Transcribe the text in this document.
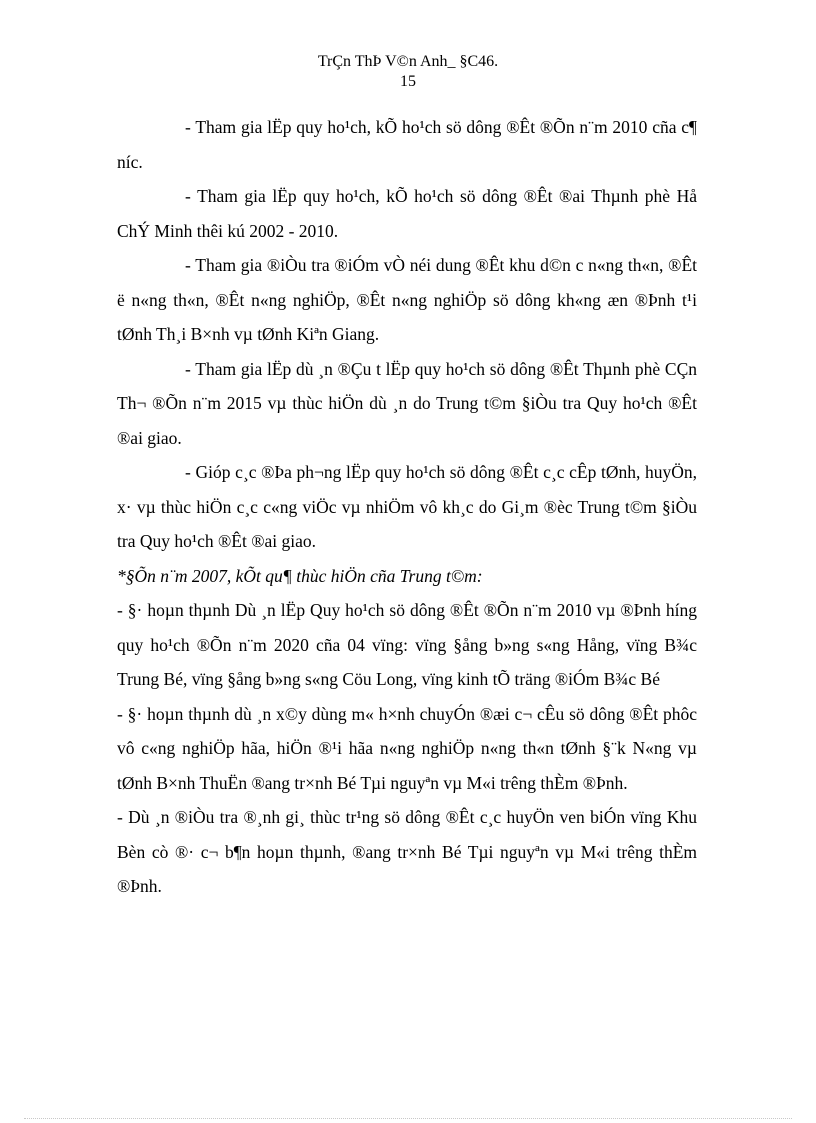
TrÇn ThÞ V©n Anh_ §C46.
15

- Tham gia lËp quy ho¹ch, kÕ ho¹ch sö dông ®Êt ®Õn n¨m 2010 cña c¶ níc.

- Tham gia lËp quy ho¹ch, kÕ ho¹ch sö dông ®Êt ®ai Thµnh phè Hå ChÝ Minh thêi kú 2002 - 2010.

- Tham gia ®iÒu tra ®iÓm vÒ néi dung ®Êt khu d©n c n«ng th«n, ®Êt ë n«ng th«n, ®Êt n«ng nghiÖp, ®Êt n«ng nghiÖp sö dông kh«ng æn ®Þnh t¹i tØnh Th¸i B×nh vµ tØnh Kiªn Giang.

- Tham gia lËp dù ¸n ®Çu t lËp quy ho¹ch sö dông ®Êt Thµnh phè CÇn Th¬ ®Õn n¨m 2015 vµ thùc hiÖn dù ¸n do Trung t©m §iÒu tra Quy ho¹ch ®Êt ®ai giao.

- Gióp c¸c ®Þa ph¬ng lËp quy ho¹ch sö dông ®Êt c¸c cÊp tØnh, huyÖn, x· vµ thùc hiÖn c¸c c«ng viÖc vµ nhiÖm vô kh¸c do Gi¸m ®èc Trung t©m §iÒu tra Quy ho¹ch ®Êt ®ai giao.

*§Õn n¨m 2007, kÕt qu¶ thùc hiÖn cña Trung t©m:

- §· hoµn thµnh Dù ¸n lËp Quy ho¹ch sö dông ®Êt ®Õn n¨m 2010 vµ ®Þnh híng quy ho¹ch ®Õn n¨m 2020 cña 04 vïng: vïng §ång b»ng s«ng Hång, vïng B¾c Trung Bé, vïng §ång b»ng s«ng Cöu Long, vïng kinh tÕ träng ®iÓm B¾c Bé

- §· hoµn thµnh dù ¸n x©y dùng m« h×nh chuyÓn ®æi c¬ cÊu sö dông ®Êt phôc vô c«ng nghiÖp hãa, hiÖn ®¹i hãa n«ng nghiÖp n«ng th«n tØnh §¨k N«ng vµ tØnh B×nh ThuËn ®ang tr×nh Bé Tµi nguyªn vµ M«i trêng thÈm ®Þnh.

- Dù ¸n ®iÒu tra ®¸nh gi¸ thùc tr¹ng sö dông ®Êt c¸c huyÖn ven biÓn vïng Khu Bèn cò ®· c¬ b¶n hoµn thµnh, ®ang tr×nh Bé Tµi nguyªn vµ M«i trêng thÈm ®Þnh.
